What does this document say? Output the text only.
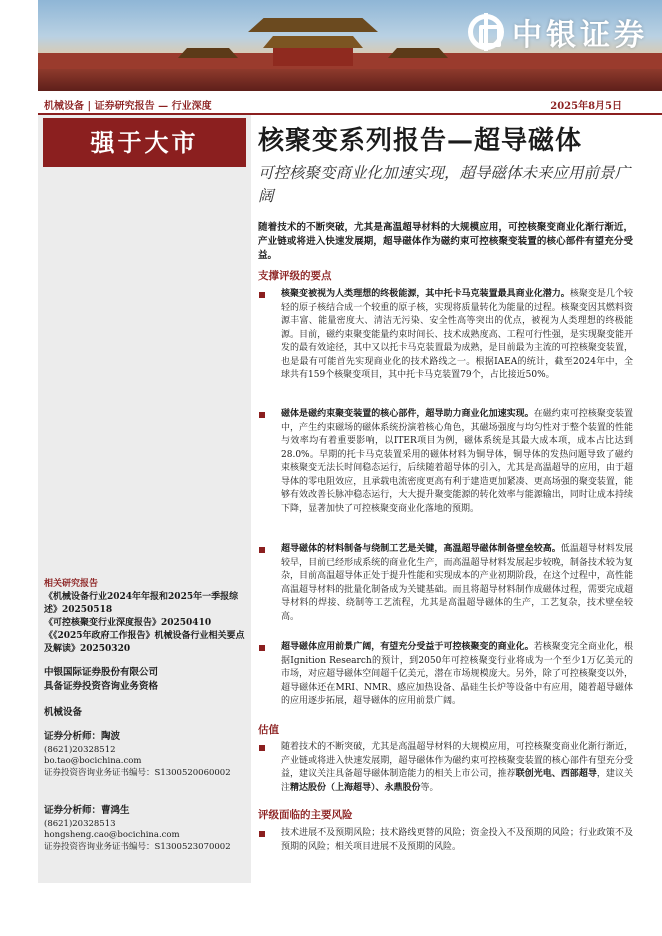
中银证券
机械设备 | 证券研究报告 — 行业深度	2025年8月5日
强于大市
相关研究报告
《机械设备行业2024年年报和2025年一季报综述》20250518
《可控核聚变行业深度报告》20250410
《《2025年政府工作报告》机械设备行业相关要点及解读》20250320
中银国际证券股份有限公司
具备证券投资咨询业务资格
机械设备
证券分析师：陶波
(8621)20328512
bo.tao@bocichina.com
证券投资咨询业务证书编号：S1300520060002
证券分析师：曹鸿生
(8621)20328513
hongsheng.cao@bocichina.com
证券投资咨询业务证书编号：S1300523070002
核聚变系列报告—超导磁体
可控核聚变商业化加速实现，超导磁体未来应用前景广阔
随着技术的不断突破，尤其是高温超导材料的大规模应用，可控核聚变商业化渐行渐近，产业链或将进入快速发展期，超导磁体作为磁约束可控核聚变装置的核心部件有望充分受益。
支撑评级的要点
核聚变被视为人类理想的终极能源，其中托卡马克装置最具商业化潜力。核聚变是几个较轻的原子核结合成一个较重的原子核，实现将质量转化为能量的过程。核聚变因其燃料资源丰富、能量密度大、清洁无污染、安全性高等突出的优点，被视为人类理想的终极能源。目前，磁约束聚变能量约束时间长、技术成熟度高、工程可行性强，是实现聚变能开发的最有效途径，其中又以托卡马克装置最为成熟，是目前最为主流的可控核聚变装置，也是最有可能首先实现商业化的技术路线之一。根据IAEA的统计，截至2024年中，全球共有159个核聚变项目，其中托卡马克装置79个，占比接近50%。
磁体是磁约束聚变装置的核心部件，超导助力商业化加速实现。在磁约束可控核聚变装置中，产生约束磁场的磁体系统扮演着核心角色，其磁场强度与均匀性对于整个装置的性能与效率均有着重要影响，以ITER项目为例，磁体系统是其最大成本项，成本占比达到28.0%。早期的托卡马克装置采用的磁体材料为铜导体，铜导体的发热问题导致了磁约束核聚变无法长时间稳态运行，后续随着超导体的引入，尤其是高温超导的应用，由于超导体的零电阻效应，且承载电流密度更高有利于建造更加紧凑、更高场强的聚变装置，能够有效改善长脉冲稳态运行，大大提升聚变能源的转化效率与能源输出，同时让成本持续下降，显著加快了可控核聚变商业化落地的预期。
超导磁体的材料制备与绕制工艺是关键，高温超导磁体制备壁垒较高。低温超导材料发展较早，目前已经形成系统的商业化生产，而高温超导材料发展起步较晚，制备技术较为复杂，目前高温超导体正处于提升性能和实现成本的产业初期阶段，在这个过程中，高性能高温超导材料的批量化制备成为关键基础。而且将超导材料制作成磁体过程，需要完成超导材料的焊接、绕制等工艺流程，尤其是高温超导磁体的生产，工艺复杂，技术壁垒较高。
超导磁体应用前景广阔，有望充分受益于可控核聚变的商业化。若核聚变完全商业化，根据Ignition Research的预计，到2050年可控核聚变行业将成为一个至少1万亿美元的市场，对应超导磁体空间超千亿美元，潜在市场规模庞大。另外，除了可控核聚变以外，超导磁体还在MRI、NMR、感应加热设备、晶硅生长炉等设备中有应用，随着超导磁体的应用逐步拓展，超导磁体的应用前景广阔。
估值
随着技术的不断突破，尤其是高温超导材料的大规模应用，可控核聚变商业化渐行渐近，产业链或将进入快速发展期，超导磁体作为磁约束可控核聚变装置的核心部件有望充分受益，建议关注具备超导磁体制造能力的相关上市公司，推荐联创光电、西部超导，建议关注精达股份（上海超导）、永鼎股份等。
评级面临的主要风险
技术进展不及预期风险；技术路线更替的风险；资金投入不及预期的风险；行业政策不及预期的风险；相关项目进展不及预期的风险。
